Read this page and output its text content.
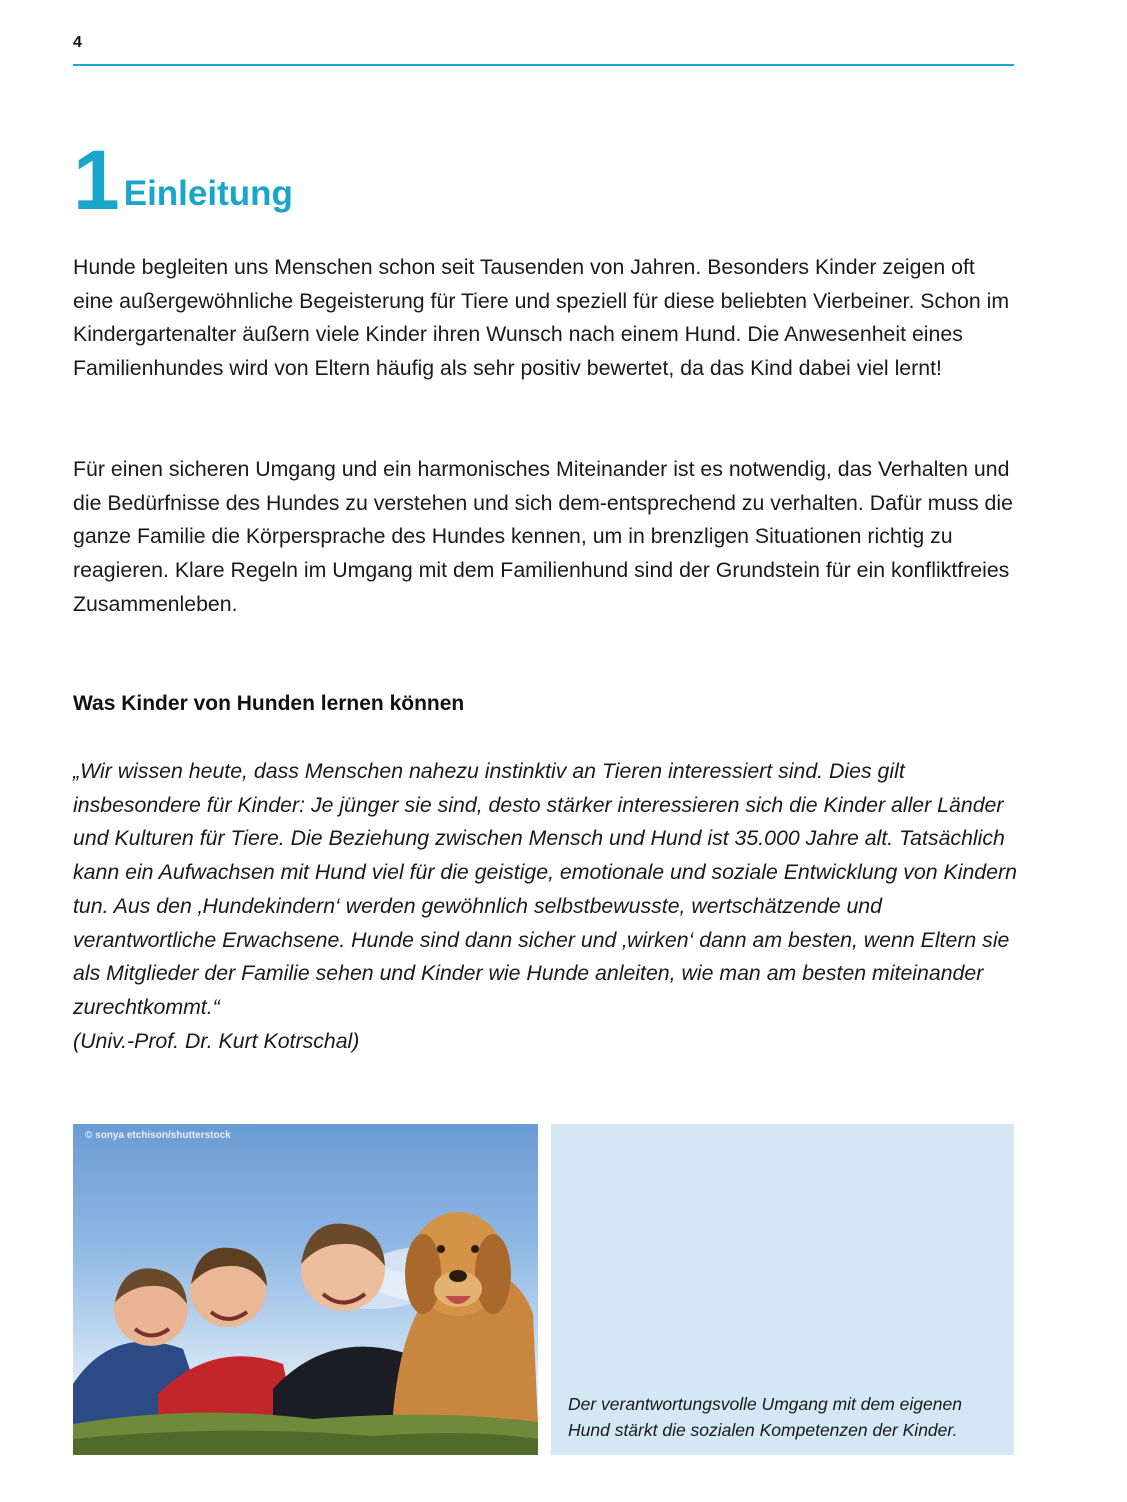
4
1 Einleitung

Hunde begleiten uns Menschen schon seit Tausenden von Jahren. Besonders Kinder zeigen oft eine außergewöhnliche Begeisterung für Tiere und speziell für diese beliebten Vierbeiner. Schon im Kindergartenalter äußern viele Kinder ihren Wunsch nach einem Hund. Die Anwesenheit eines Familienhundes wird von Eltern häufig als sehr positiv bewertet, da das Kind dabei viel lernt!

Für einen sicheren Umgang und ein harmonisches Miteinander ist es notwendig, das Verhalten und die Bedürfnisse des Hundes zu verstehen und sich dem-entsprechend zu verhalten. Dafür muss die ganze Familie die Körpersprache des Hundes kennen, um in brenzligen Situationen richtig zu reagieren. Klare Regeln im Umgang mit dem Familienhund sind der Grundstein für ein konfliktfreies Zusammenleben.

Was Kinder von Hunden lernen können

„Wir wissen heute, dass Menschen nahezu instinktiv an Tieren interessiert sind. Dies gilt insbesondere für Kinder: Je jünger sie sind, desto stärker interessieren sich die Kinder aller Länder und Kulturen für Tiere. Die Beziehung zwischen Mensch und Hund ist 35.000 Jahre alt. Tatsächlich kann ein Aufwachsen mit Hund viel für die geistige, emotionale und soziale Entwicklung von Kindern tun. Aus den ‚Hundekindern‘ werden gewöhnlich selbstbewusste, wertschätzende und verantwortliche Erwachsene. Hunde sind dann sicher und ‚wirken‘ dann am besten, wenn Eltern sie als Mitglieder der Familie sehen und Kinder wie Hunde anleiten, wie man am besten miteinander zurechtkommt.“

(Univ.-Prof. Dr. Kurt Kotrschal)

© sonya etchison/shutterstock

Der verantwortungsvolle Umgang mit dem eigenen Hund stärkt die sozialen Kompetenzen der Kinder.
